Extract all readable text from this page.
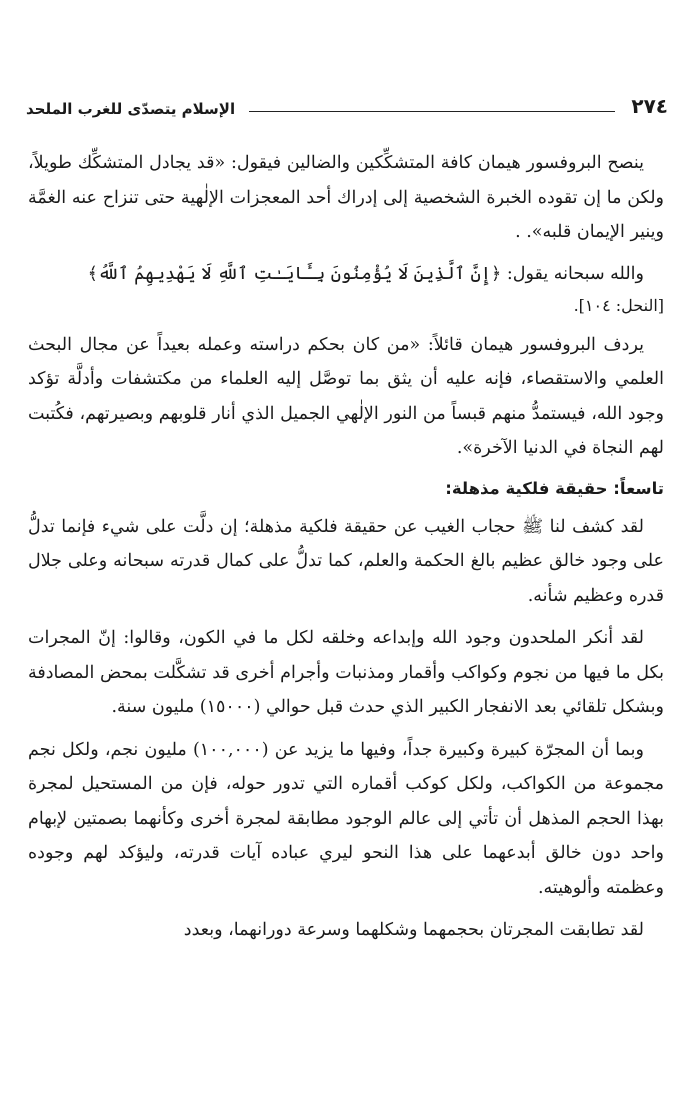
٢٧٤
الإسلام يتصدّى للغرب الملحد

ينصح البروفسور هيمان كافة المتشكِّكين والضالين فيقول: «قد يجادل المتشكِّك طويلاً، ولكن ما إن تقوده الخبرة الشخصية إلى إدراك أحد المعجزات الإلٰهية حتى تنزاح عنه الغمَّة وينير الإيمان قلبه». .

والله سبحانه يقول: ﴿إِنَّ ٱلَّذِينَ لَا يُؤْمِنُونَ بِـَٔايَـٰتِ ٱللَّهِ لَا يَهْدِيهِمُ ٱللَّهُ﴾
[النحل: ١٠٤].

يردف البروفسور هيمان قائلاً: «من كان بحكم دراسته وعمله بعيداً عن مجال البحث العلمي والاستقصاء، فإنه عليه أن يثق بما توصَّل إليه العلماء من مكتشفات وأدلَّة تؤكد وجود الله، فيستمدُّ منهم قبساً من النور الإلٰهي الجميل الذي أنار قلوبهم وبصيرتهم، فكُتبت لهم النجاة في الدنيا الآخرة».

تاسعاً: حقيقة فلكية مذهلة:

لقد كشف لنا ﷺ حجاب الغيب عن حقيقة فلكية مذهلة؛ إن دلَّت على شيء فإنما تدلُّ على وجود خالق عظيم بالغ الحكمة والعلم، كما تدلُّ على كمال قدرته سبحانه وعلى جلال قدره وعظيم شأنه.

لقد أنكر الملحدون وجود الله وإبداعه وخلقه لكل ما في الكون، وقالوا: إنّ المجرات بكل ما فيها من نجوم وكواكب وأقمار ومذنبات وأجرام أخرى قد تشكَّلت بمحض المصادفة وبشكل تلقائي بعد الانفجار الكبير الذي حدث قبل حوالي (١٥٠٠٠) مليون سنة.

وبما أن المجرّة كبيرة وكبيرة جداً، وفيها ما يزيد عن (١٠٠,٠٠٠) مليون نجم، ولكل نجم مجموعة من الكواكب، ولكل كوكب أقماره التي تدور حوله، فإن من المستحيل لمجرة بهذا الحجم المذهل أن تأتي إلى عالم الوجود مطابقة لمجرة أخرى وكأنهما بصمتين لإبهام واحد دون خالق أبدعهما على هذا النحو ليري عباده آيات قدرته، وليؤكد لهم وجوده وعظمته وألوهيته.

لقد تطابقت المجرتان بحجمهما وشكلهما وسرعة دورانهما، وبعدد
